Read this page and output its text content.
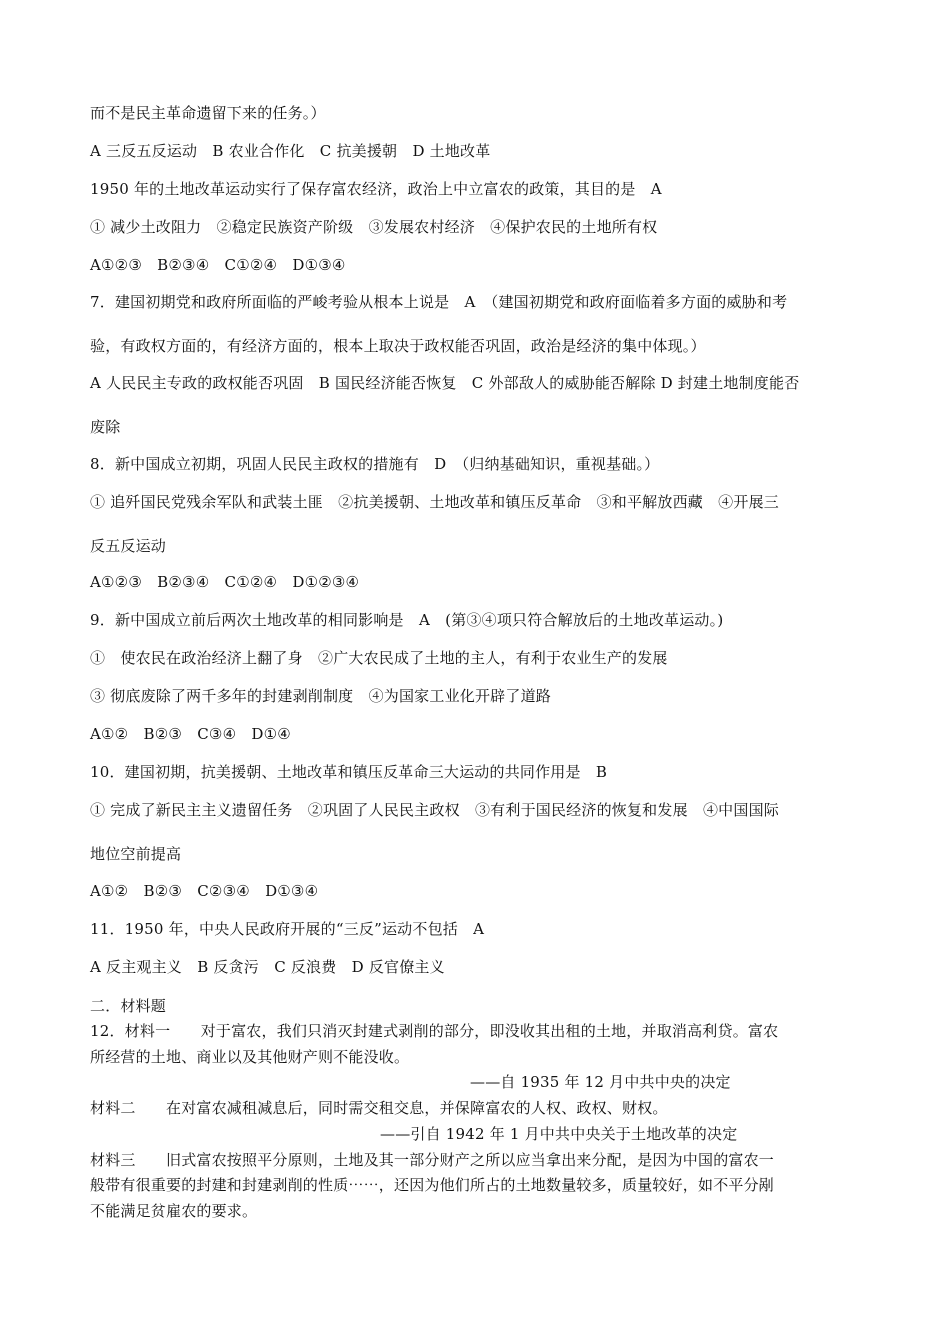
而不是民主革命遗留下来的任务。）
A 三反五反运动　B 农业合作化　C 抗美援朝　D 土地改革
1950 年的土地改革运动实行了保存富农经济，政治上中立富农的政策，其目的是　A
① 减少土改阻力　②稳定民族资产阶级　③发展农村经济　④保护农民的土地所有权
A①②③　B②③④　C①②④　D①③④
7．建国初期党和政府所面临的严峻考验从根本上说是　A　（建国初期党和政府面临着多方面的威胁和考
验，有政权方面的，有经济方面的，根本上取决于政权能否巩固，政治是经济的集中体现。）
A 人民民主专政的政权能否巩固　B 国民经济能否恢复　C 外部敌人的威胁能否解除 D 封建土地制度能否
废除
8．新中国成立初期，巩固人民民主政权的措施有　D　（归纳基础知识，重视基础。）
① 追歼国民党残余军队和武装土匪　②抗美援朝、土地改革和镇压反革命　③和平解放西藏　④开展三
反五反运动
A①②③　B②③④　C①②④　D①②③④
9．新中国成立前后两次土地改革的相同影响是　A　(第③④项只符合解放后的土地改革运动。)
①　使农民在政治经济上翻了身　②广大农民成了土地的主人，有利于农业生产的发展
③ 彻底废除了两千多年的封建剥削制度　④为国家工业化开辟了道路
A①②　B②③　C③④　D①④
10．建国初期，抗美援朝、土地改革和镇压反革命三大运动的共同作用是　B
① 完成了新民主主义遗留任务　②巩固了人民民主政权　③有利于国民经济的恢复和发展　④中国国际
地位空前提高
A①②　B②③　C②③④　D①③④
11．1950 年，中央人民政府开展的“三反”运动不包括　A
A 反主观主义　B 反贪污　C 反浪费　D 反官僚主义
二．材料题
12．材料一　　对于富农，我们只消灭封建式剥削的部分，即没收其出租的土地，并取消高利贷。富农
所经营的土地、商业以及其他财产则不能没收。
——自 1935 年 12 月中共中央的决定
材料二　　在对富农减租减息后，同时需交租交息，并保障富农的人权、政权、财权。
——引自 1942 年 1 月中共中央关于土地改革的决定
材料三　　旧式富农按照平分原则，土地及其一部分财产之所以应当拿出来分配，是因为中国的富农一
般带有很重要的封建和封建剥削的性质⋯⋯，还因为他们所占的土地数量较多，质量较好，如不平分剐
不能满足贫雇农的要求。
